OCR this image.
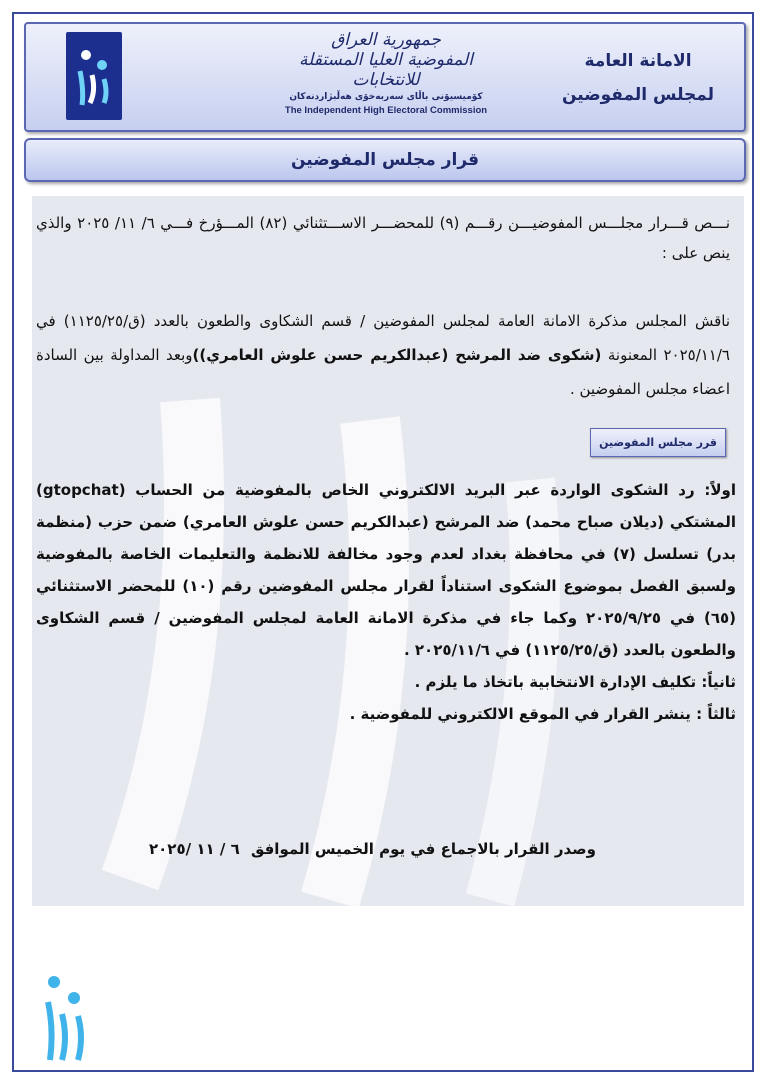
جمهورية العراق
المفوضية العليا المستقلة للانتخابات
كۆمیسیۆنی باڵای سەربەخۆی هەڵبژاردنەکان
The Independent High Electoral Commission
الامانة العامة
لمجلس المفوضين
قرار مجلس المفوضين

نـــص قـــرار مجلـــس المفوضيـــن رقـــم (٩) للمحضـــر الاســـتثنائي (٨٢) المـــؤرخ فـــي ٦/ ١١/ ٢٠٢٥ والذي ينص على :

ناقش المجلس مذكرة الامانة العامة لمجلس المفوضين / قسم الشكاوى والطعون بالعدد (ق/١١٢٥/٢٥) في ٢٠٢٥/١١/٦ المعنونة (شكوى ضد المرشح (عبدالكريم حسن علوش العامري))وبعد المداولة بين السادة اعضاء مجلس المفوضين .

قرر مجلس المفوضين
اولاً: رد الشكوى الواردة عبر البريد الالكتروني الخاص بالمفوضية من الحساب (gtopchat) المشتكي (ديلان صباح محمد) ضد المرشح (عبدالكريم حسن علوش العامري) ضمن حزب (منظمة بدر) تسلسل (٧) في محافظة بغداد لعدم وجود مخالفة للانظمة والتعليمات الخاصة بالمفوضية ولسبق الفصل بموضوع الشكوى استناداً لقرار مجلس المفوضين رقم (١٠) للمحضر الاستثنائي (٦٥) في ٢٠٢٥/٩/٢٥ وكما جاء في مذكرة الامانة العامة لمجلس المفوضين / قسم الشكاوى والطعون بالعدد (ق/١١٢٥/٢٥) في ٢٠٢٥/١١/٦ .
ثانياً: تكليف الإدارة الانتخابية باتخاذ ما يلزم .
ثالثاً : ينشر القرار في الموقع الالكتروني للمفوضية .
وصدر القرار بالاجماع في يوم الخميس الموافق ٦ / ١١ /٢٠٢٥
